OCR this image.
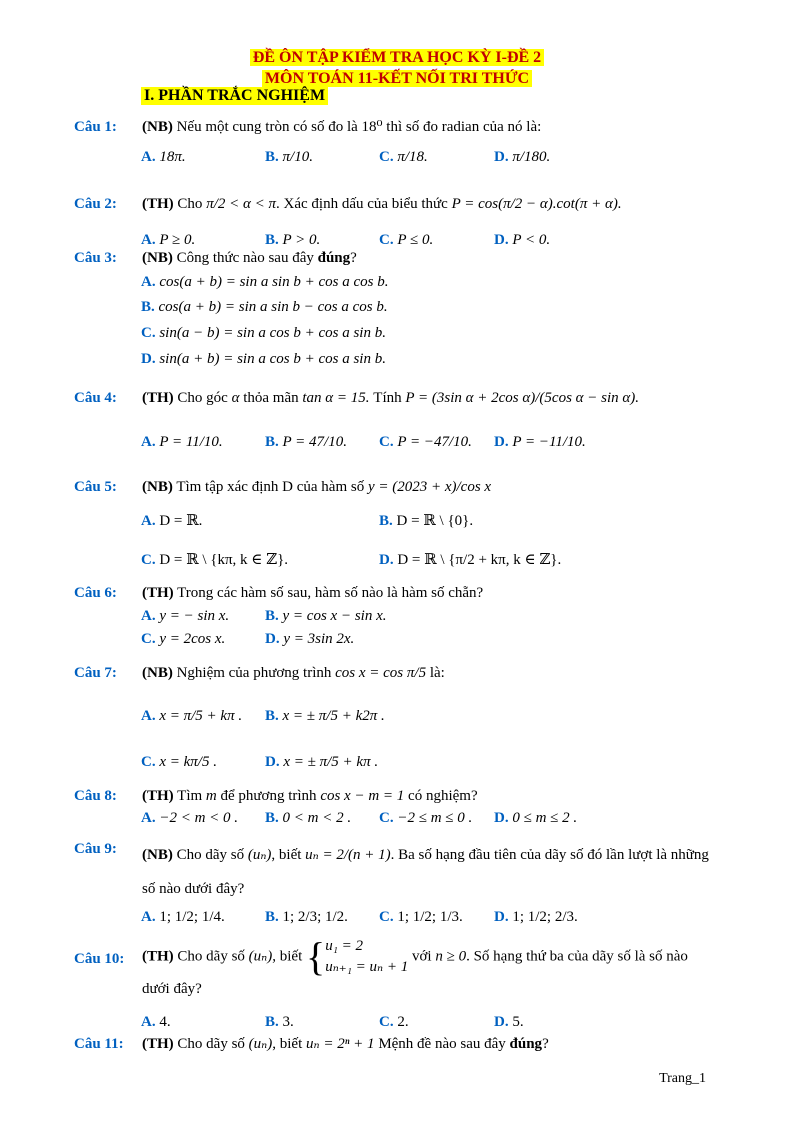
ĐỀ ÔN TẬP KIỂM TRA HỌC KỲ I-ĐỀ 2
MÔN TOÁN 11-KẾT NỐI TRI THỨC
I. PHẦN TRẮC NGHIỆM
Câu 1: (NB) Nếu một cung tròn có số đo là 18⁰ thì số đo radian của nó là:
A. 18π.	B. π/10.	C. π/18.	D. π/180.
Câu 2: (TH) Cho π/2 < α < π. Xác định dấu của biểu thức P = cos(π/2 − α).cot(π + α).
A. P ≥ 0.	B. P > 0.	C. P ≤ 0.	D. P < 0.
Câu 3: (NB) Công thức nào sau đây đúng?
A. cos(a + b) = sin a sin b + cos a cos b.
B. cos(a + b) = sin a sin b − cos a cos b.
C. sin(a − b) = sin a cos b + cos a sin b.
D. sin(a + b) = sin a cos b + cos a sin b.
Câu 4: (TH) Cho góc α thỏa mãn tan α = 15. Tính P = (3sin α + 2cos α)/(5cos α − sin α).
A. P = 11/10.	B. P = 47/10. C. P = −47/10. D. P = −11/10.
Câu 5: (NB) Tìm tập xác định D của hàm số y = (2023 + x)/cos x
A. D = ℝ.	B. D = ℝ \ {0}.
C. D = ℝ \ {kπ, k ∈ ℤ}.	D. D = ℝ \ {π/2 + kπ, k ∈ ℤ}.
Câu 6: (TH) Trong các hàm số sau, hàm số nào là hàm số chẵn?
A. y = − sin x. B. y = cos x − sin x.
C. y = 2cos x.	D. y = 3sin 2x.
Câu 7: (NB) Nghiệm của phương trình cos x = cos π/5 là:
A. x = π/5 + kπ . B. x = ± π/5 + k2π .
C. x = kπ/5 .	D. x = ± π/5 + kπ .
Câu 8: (TH) Tìm m để phương trình cos x − m = 1 có nghiệm?
A. −2 < m < 0 . B. 0 < m < 2 . C. −2 ≤ m ≤ 0 . D. 0 ≤ m ≤ 2 .
Câu 9: (NB) Cho dãy số (uₙ), biết uₙ = 2/(n + 1). Ba số hạng đầu tiên của dãy số đó lần lượt là những số nào dưới đây?
A. 1; 1/2; 1/4.	B. 1; 2/3; 1/2. C. 1; 1/2; 1/3. D. 1; 1/2; 2/3.
Câu 10: (TH) Cho dãy số (uₙ), biết { u₁ = 2
uₙ₊₁ = uₙ + 1
với n ≥ 0. Số hạng thứ ba của dãy số là số nào dưới đây?
A. 4.	B. 3.	C. 2.	D. 5.
Câu 11: (TH) Cho dãy số (uₙ), biết uₙ = 2ⁿ + 1 Mệnh đề nào sau đây đúng?
Trang_1
